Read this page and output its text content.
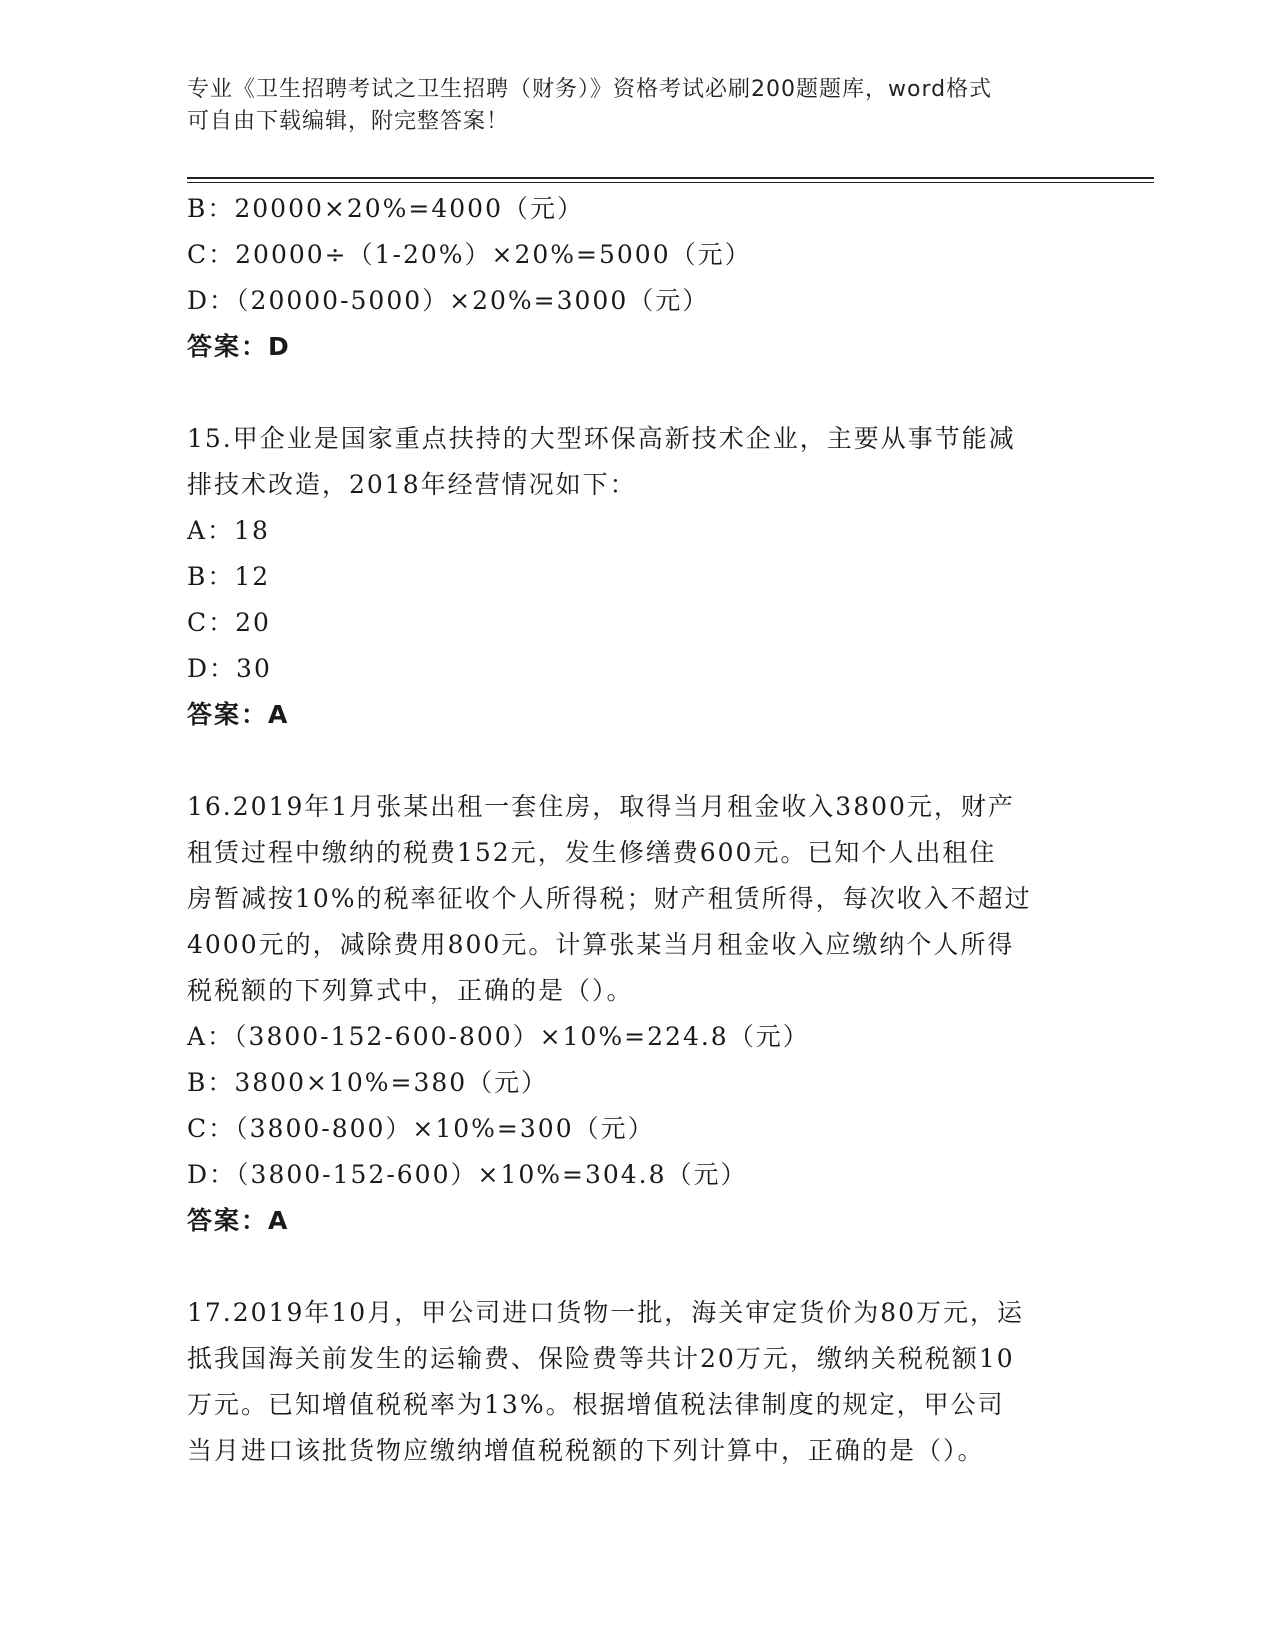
专业《卫生招聘考试之卫生招聘（财务）》资格考试必刷200题题库，word格式
可自由下载编辑，附完整答案！
B：20000×20%=4000（元）
C：20000÷（1-20%）×20%=5000（元）
D：（20000-5000）×20%=3000（元）
答案：D
15.甲企业是国家重点扶持的大型环保高新技术企业，主要从事节能减
排技术改造，2018年经营情况如下：
A：18
B：12
C：20
D：30
答案：A
16.2019年1月张某出租一套住房，取得当月租金收入3800元，财产
租赁过程中缴纳的税费152元，发生修缮费600元。已知个人出租住
房暂减按10%的税率征收个人所得税；财产租赁所得，每次收入不超过
4000元的，减除费用800元。计算张某当月租金收入应缴纳个人所得
税税额的下列算式中，正确的是（）。
A：（3800-152-600-800）×10%=224.8（元）
B：3800×10%=380（元）
C：（3800-800）×10%=300（元）
D：（3800-152-600）×10%=304.8（元）
答案：A
17.2019年10月，甲公司进口货物一批，海关审定货价为80万元，运
抵我国海关前发生的运输费、保险费等共计20万元，缴纳关税税额10
万元。已知增值税税率为13%。根据增值税法律制度的规定，甲公司
当月进口该批货物应缴纳增值税税额的下列计算中，正确的是（）。
